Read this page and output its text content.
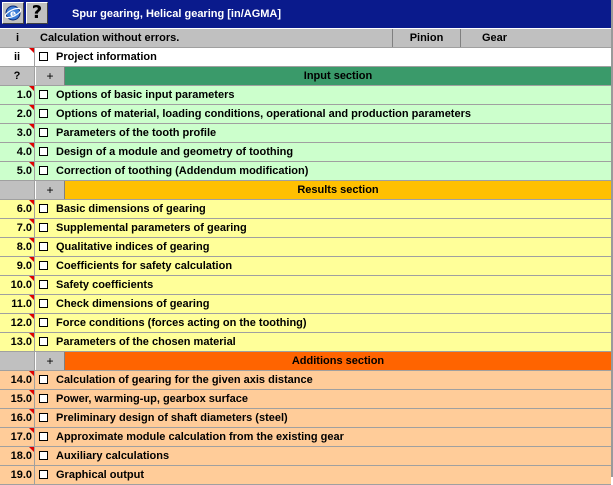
e ?	Spur gearing, Helical gearing [in/AGMA]
i	Calculation without errors.	Pinion	Gear
ii	Project information
?	+	Input section
1.0 Options of basic input parameters
2.0 Options of material, loading conditions, operational and production parameters
3.0 Parameters of the tooth profile
4.0 Design of a module and geometry of toothing
5.0 Correction of toothing (Addendum modification)
+	Results section
6.0 Basic dimensions of gearing
7.0 Supplemental parameters of gearing
8.0 Qualitative indices of gearing
9.0 Coefficients for safety calculation
10.0 Safety coefficients
11.0 Check dimensions of gearing
12.0 Force conditions (forces acting on the toothing)
13.0 Parameters of the chosen material
+	Additions section
14.0 Calculation of gearing for the given axis distance
15.0 Power, warming-up, gearbox surface
16.0 Preliminary design of shaft diameters (steel)
17.0 Approximate module calculation from the existing gear
18.0 Auxiliary calculations
19.0 Graphical output
